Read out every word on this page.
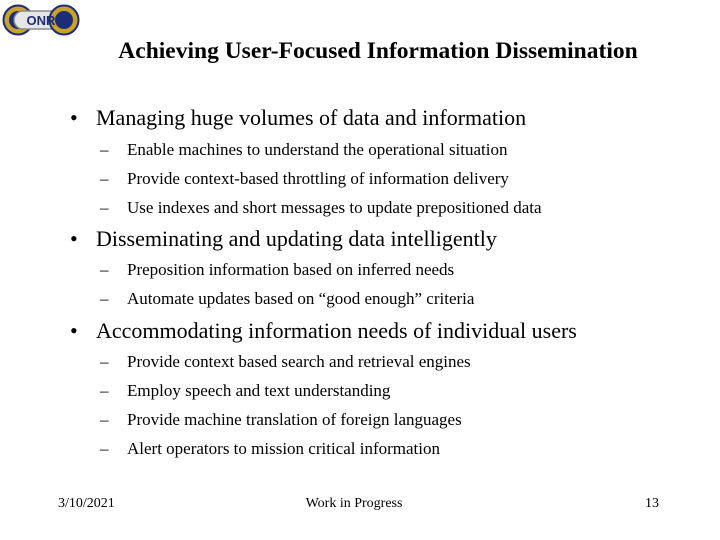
ONR
Achieving User-Focused Information Dissemination
• Managing huge volumes of data and information
– Enable machines to understand the operational situation
– Provide context-based throttling of information delivery
– Use indexes and short messages to update prepositioned data
• Disseminating and updating data intelligently
– Preposition information based on inferred needs
– Automate updates based on “good enough” criteria
• Accommodating information needs of individual users
– Provide context based search and retrieval engines
– Employ speech and text understanding
– Provide machine translation of foreign languages
– Alert operators to mission critical information
3/10/2021	Work in Progress	13
